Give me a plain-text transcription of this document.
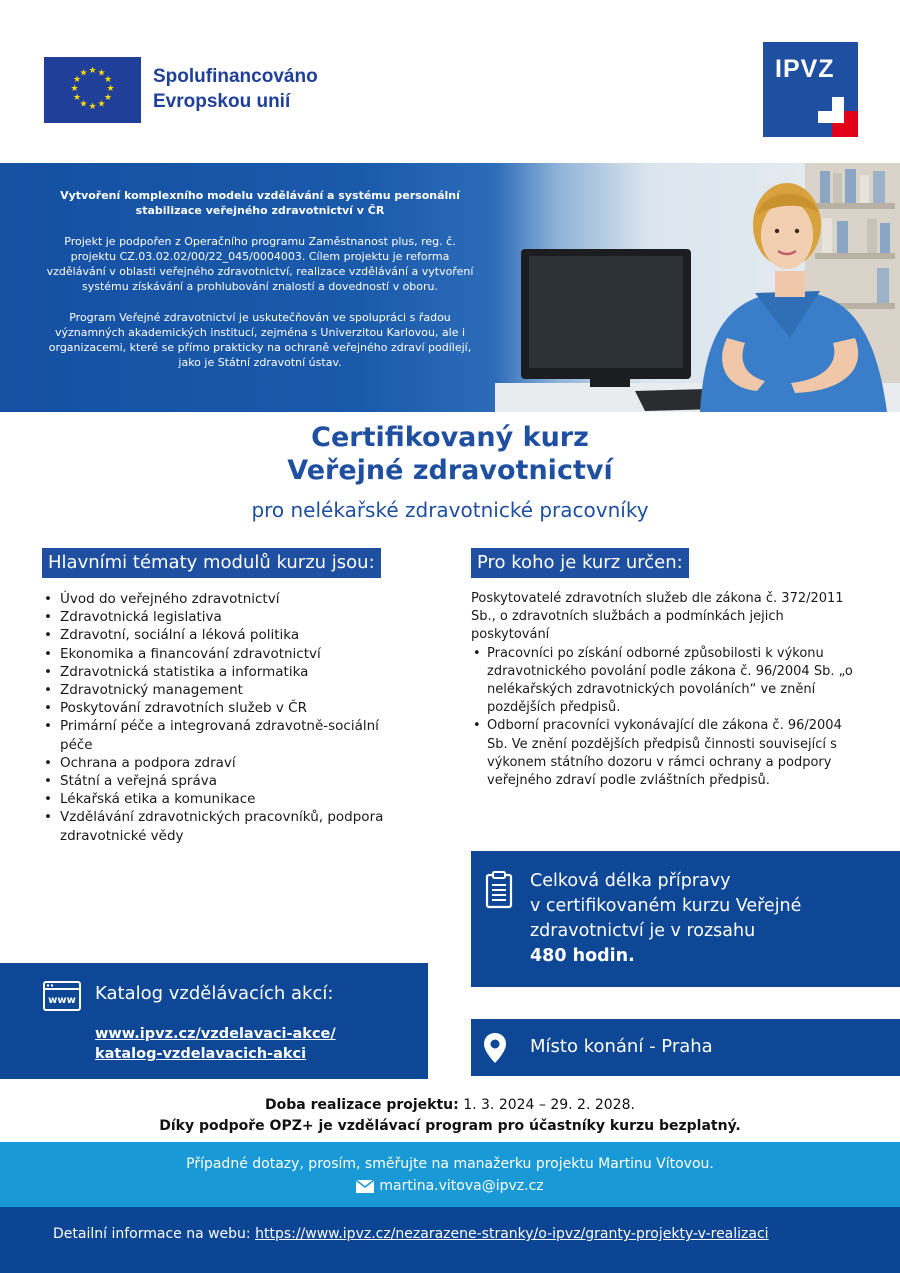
★ ★
★
★
★
★
★
★
★
★
★
★	Spolufinancováno
Evropskou unií
IPVZ
Vytvoření komplexního modelu vzdělávání a systému personální stabilizace veřejného zdravotnictví v ČR

Projekt je podpořen z Operačního programu Zaměstnanost plus, reg. č. projektu CZ.03.02.02/00/22_045/0004003. Cílem projektu je reforma vzdělávání v oblasti veřejného zdravotnictví, realizace vzdělávání a vytvoření systému získávání a prohlubování znalostí a dovedností v oboru.

Program Veřejné zdravotnictví je uskutečňován ve spolupráci s řadou významných akademických institucí, zejména s Univerzitou Karlovou, ale i organizacemi, které se přímo prakticky na ochraně veřejného zdraví podílejí, jako je Státní zdravotní ústav.

Certifikovaný kurz
Veřejné zdravotnictví
pro nelékařské zdravotnické pracovníky
Hlavními tématy modulů kurzu jsou:
• Úvod do veřejného zdravotnictví
• Zdravotnická legislativa
• Zdravotní, sociální a léková politika
• Ekonomika a financování zdravotnictví
• Zdravotnická statistika a informatika
• Zdravotnický management
• Poskytování zdravotních služeb v ČR
• Primární péče a integrovaná zdravotně-sociální péče
• Ochrana a podpora zdraví
• Státní a veřejná správa
• Lékařská etika a komunikace
• Vzdělávání zdravotnických pracovníků, podpora zdravotnické vědy
Pro koho je kurz určen:
Poskytovatelé zdravotních služeb dle zákona č. 372/2011 Sb., o zdravotních službách a podmínkách jejich poskytování
• Pracovníci po získání odborné způsobilosti k výkonu zdravotnického povolání podle zákona č. 96/2004 Sb. „o nelékařských zdravotnických povoláních“ ve znění pozdějších předpisů.
• Odborní pracovníci vykonávající dle zákona č. 96/2004 Sb. Ve znění pozdějších předpisů činnosti související s výkonem státního dozoru v rámci ochrany a podpory veřejného zdraví podle zvláštních předpisů.
Celková délka přípravy
v certifikovaném kurzu Veřejné
zdravotnictví je v rozsahu
480 hodin.
www Katalog vzdělávacích akcí:
www.ipvz.cz/vzdelavaci-akce/
katalog-vzdelavacich-akci	Místo konání - Praha
Doba realizace projektu: 1. 3. 2024 – 29. 2. 2028.
Díky podpoře OPZ+ je vzdělávací program pro účastníky kurzu bezplatný.
Případné dotazy, prosím, směřujte na manažerku projektu Martinu Vítovou.
martina.vitova@ipvz.cz
Detailní informace na webu: https://www.ipvz.cz/nezarazene-stranky/o-ipvz/granty-projekty-v-realizaci
